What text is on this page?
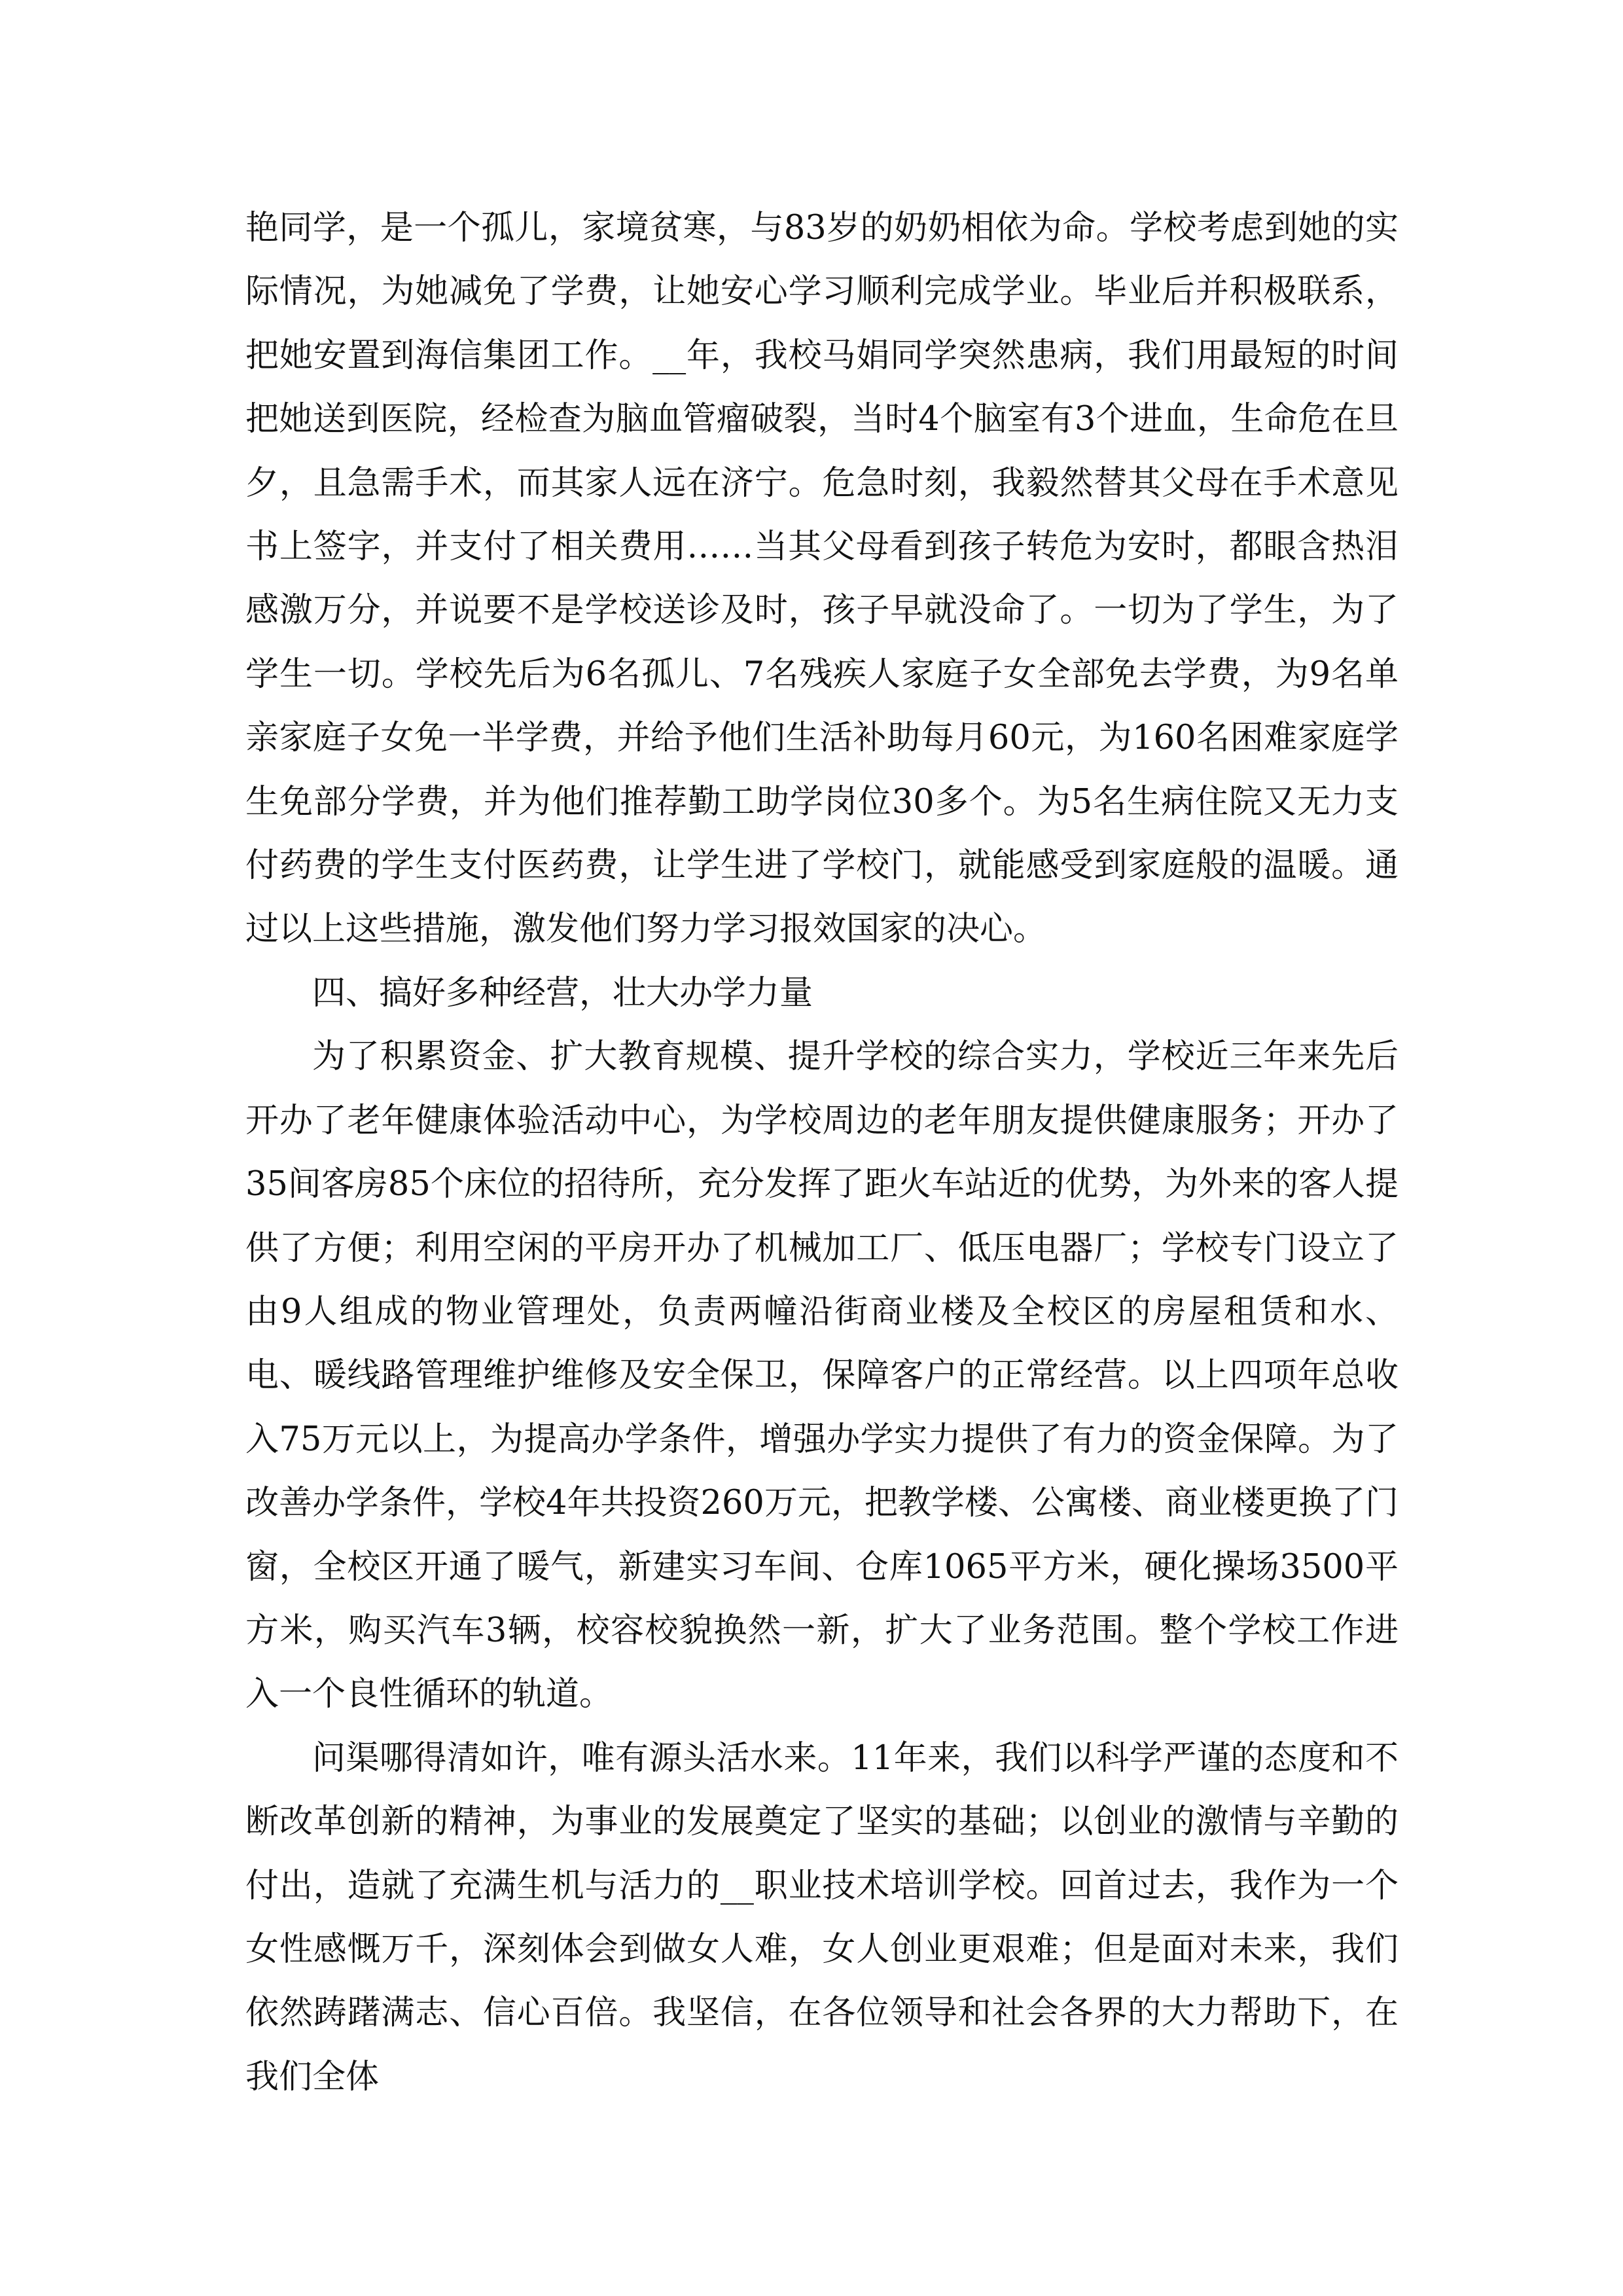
艳同学，是一个孤儿，家境贫寒，与83岁的奶奶相依为命。学校考虑到她的实际情况，为她减免了学费，让她安心学习顺利完成学业。毕业后并积极联系，把她安置到海信集团工作。__年，我校马娟同学突然患病，我们用最短的时间把她送到医院，经检查为脑血管瘤破裂，当时4个脑室有3个进血，生命危在旦夕，且急需手术，而其家人远在济宁。危急时刻，我毅然替其父母在手术意见书上签字，并支付了相关费用……当其父母看到孩子转危为安时，都眼含热泪感激万分，并说要不是学校送诊及时，孩子早就没命了。一切为了学生，为了学生一切。学校先后为6名孤儿、7名残疾人家庭子女全部免去学费，为9名单亲家庭子女免一半学费，并给予他们生活补助每月60元，为160名困难家庭学生免部分学费，并为他们推荐勤工助学岗位30多个。为5名生病住院又无力支付药费的学生支付医药费，让学生进了学校门，就能感受到家庭般的温暖。通过以上这些措施，激发他们努力学习报效国家的决心。

四、搞好多种经营，壮大办学力量

为了积累资金、扩大教育规模、提升学校的综合实力，学校近三年来先后开办了老年健康体验活动中心，为学校周边的老年朋友提供健康服务；开办了35间客房85个床位的招待所，充分发挥了距火车站近的优势，为外来的客人提供了方便；利用空闲的平房开办了机械加工厂、低压电器厂；学校专门设立了由9人组成的物业管理处，负责两幢沿街商业楼及全校区的房屋租赁和水、电、暖线路管理维护维修及安全保卫，保障客户的正常经营。以上四项年总收入75万元以上，为提高办学条件，增强办学实力提供了有力的资金保障。为了改善办学条件，学校4年共投资260万元，把教学楼、公寓楼、商业楼更换了门窗，全校区开通了暖气，新建实习车间、仓库1065平方米，硬化操场3500平方米，购买汽车3辆，校容校貌换然一新，扩大了业务范围。整个学校工作进入一个良性循环的轨道。

问渠哪得清如许，唯有源头活水来。11年来，我们以科学严谨的态度和不断改革创新的精神，为事业的发展奠定了坚实的基础；以创业的激情与辛勤的付出，造就了充满生机与活力的__职业技术培训学校。回首过去，我作为一个女性感慨万千，深刻体会到做女人难，女人创业更艰难；但是面对未来，我们依然踌躇满志、信心百倍。我坚信，在各位领导和社会各界的大力帮助下，在我们全体
